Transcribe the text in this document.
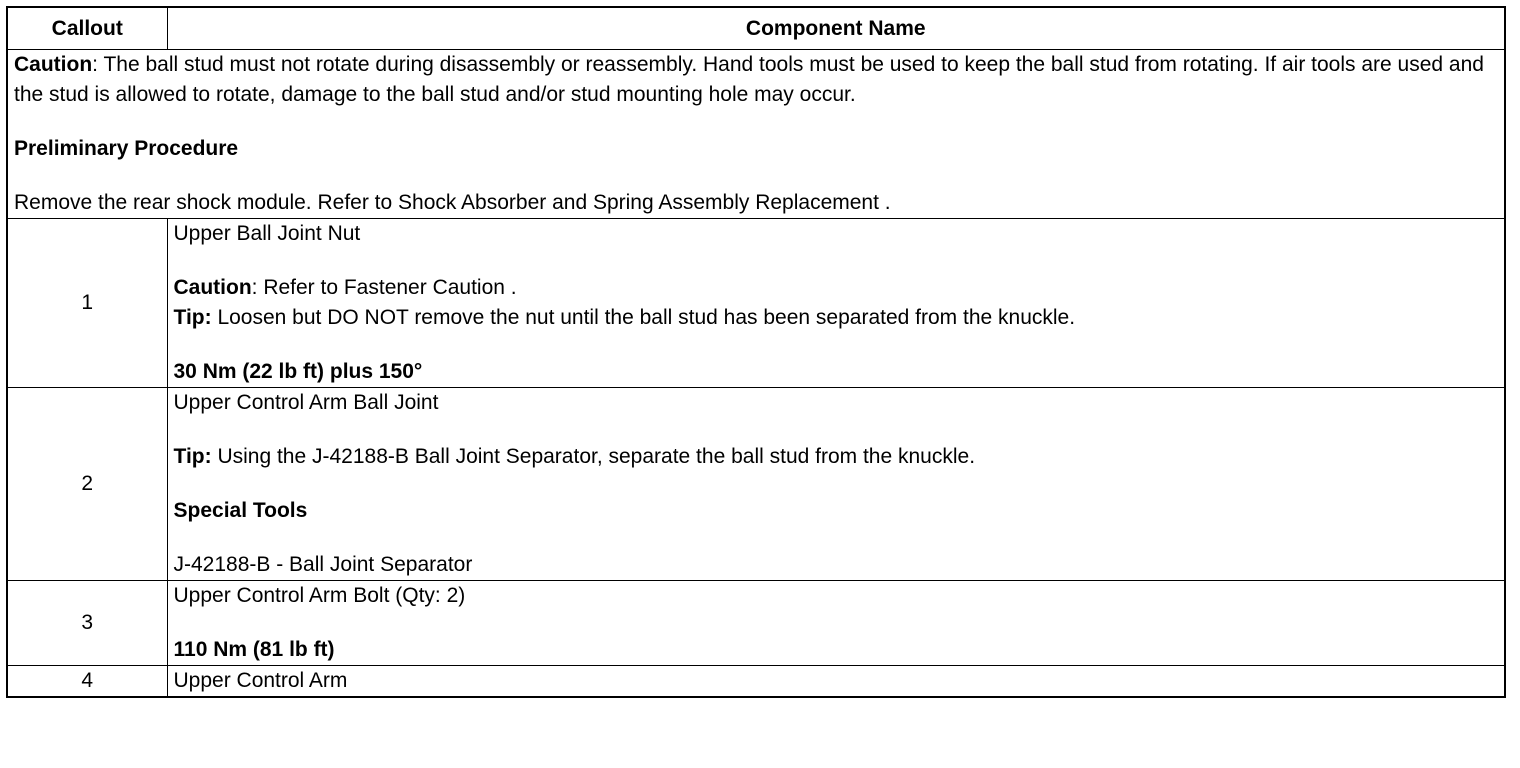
Callout	Component Name

Caution: The ball stud must not rotate during disassembly or reassembly. Hand tools must be used to keep the ball stud from rotating. If air tools are used and the stud is allowed to rotate, damage to the ball stud and/or stud mounting hole may occur.
Preliminary Procedure
Remove the rear shock module. Refer to Shock Absorber and Spring Assembly Replacement .	

1	Upper Ball Joint Nut
Caution: Refer to Fastener Caution .
Tip: Loosen but DO NOT remove the nut until the ball stud has been separated from the knuckle.
30 Nm (22 lb ft) plus 150°

2	Upper Control Arm Ball Joint
Tip: Using the J-42188-B Ball Joint Separator, separate the ball stud from the knuckle.
Special Tools
J-42188-B - Ball Joint Separator

3	Upper Control Arm Bolt (Qty: 2)
110 Nm (81 lb ft)

4	Upper Control Arm
